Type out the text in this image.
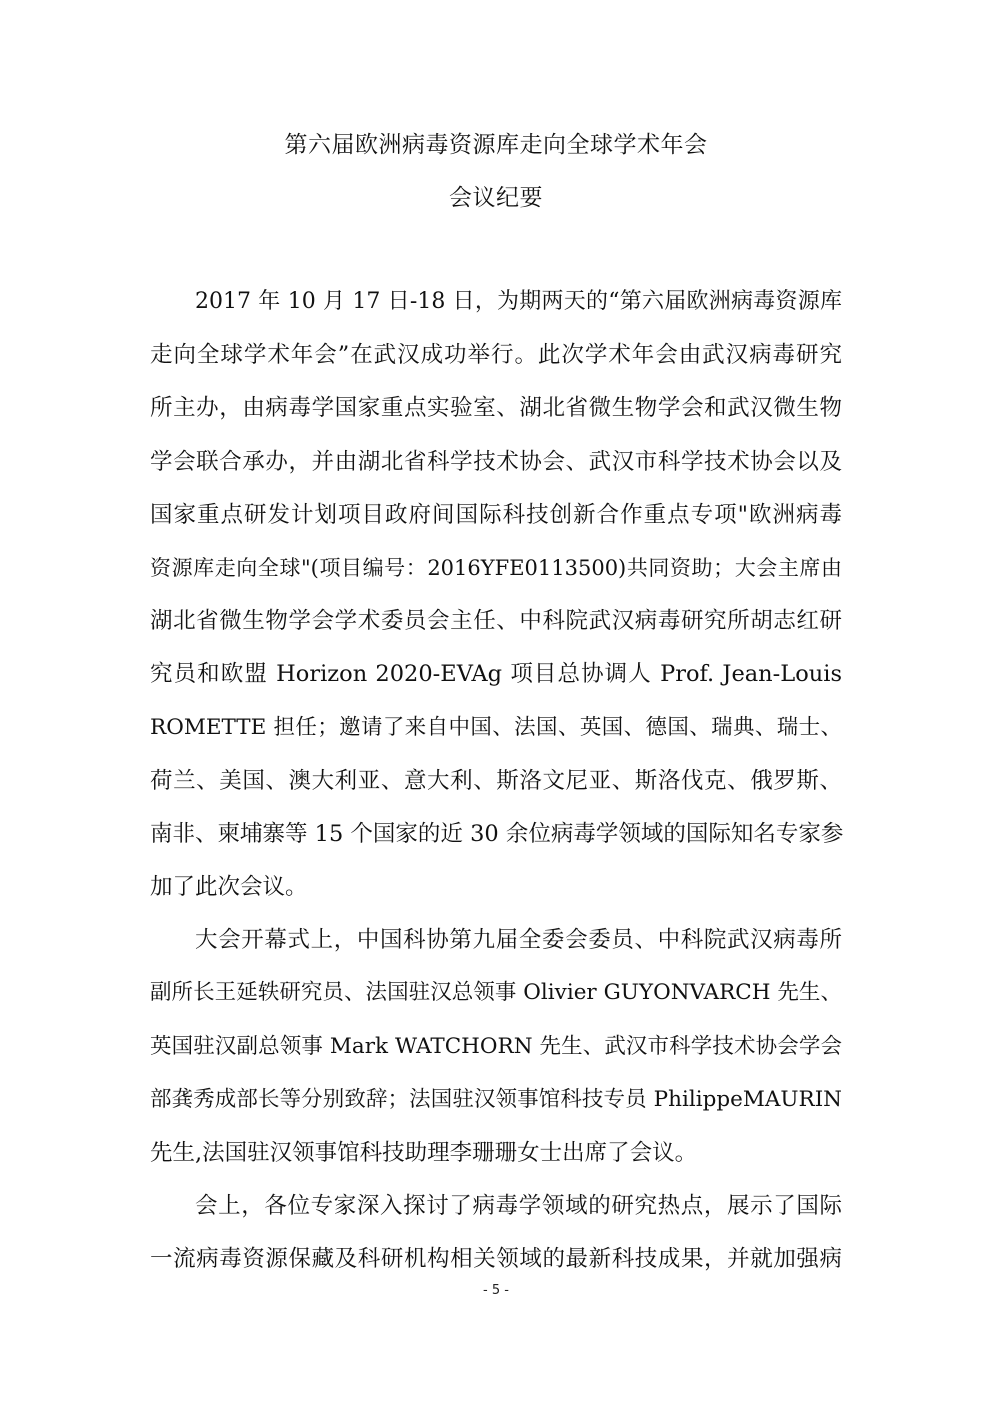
第六届欧洲病毒资源库走向全球学术年会
会议纪要
2017 年 10 月 17 日-18 日，为期两天的“第六届欧洲病毒资源库
走向全球学术年会”在武汉成功举行。此次学术年会由武汉病毒研究
所主办，由病毒学国家重点实验室、湖北省微生物学会和武汉微生物
学会联合承办，并由湖北省科学技术协会、武汉市科学技术协会以及
国家重点研发计划项目政府间国际科技创新合作重点专项"欧洲病毒
资源库走向全球"(项目编号：2016YFE0113500)共同资助；大会主席由
湖北省微生物学会学术委员会主任、中科院武汉病毒研究所胡志红研
究员和欧盟 Horizon 2020-EVAg 项目总协调人 Prof. Jean-Louis
ROMETTE 担任；邀请了来自中国、法国、英国、德国、瑞典、瑞士、
荷兰、美国、澳大利亚、意大利、斯洛文尼亚、斯洛伐克、俄罗斯、
南非、柬埔寨等 15 个国家的近 30 余位病毒学领域的国际知名专家参
加了此次会议。
大会开幕式上，中国科协第九届全委会委员、中科院武汉病毒所
副所长王延轶研究员、法国驻汉总领事 Olivier GUYONVARCH 先生、
英国驻汉副总领事 Mark WATCHORN 先生、武汉市科学技术协会学会
部龚秀成部长等分别致辞；法国驻汉领事馆科技专员 PhilippeMAURIN
先生,法国驻汉领事馆科技助理李珊珊女士出席了会议。
会上，各位专家深入探讨了病毒学领域的研究热点，展示了国际
一流病毒资源保藏及科研机构相关领域的最新科技成果，并就加强病
- 5 -
